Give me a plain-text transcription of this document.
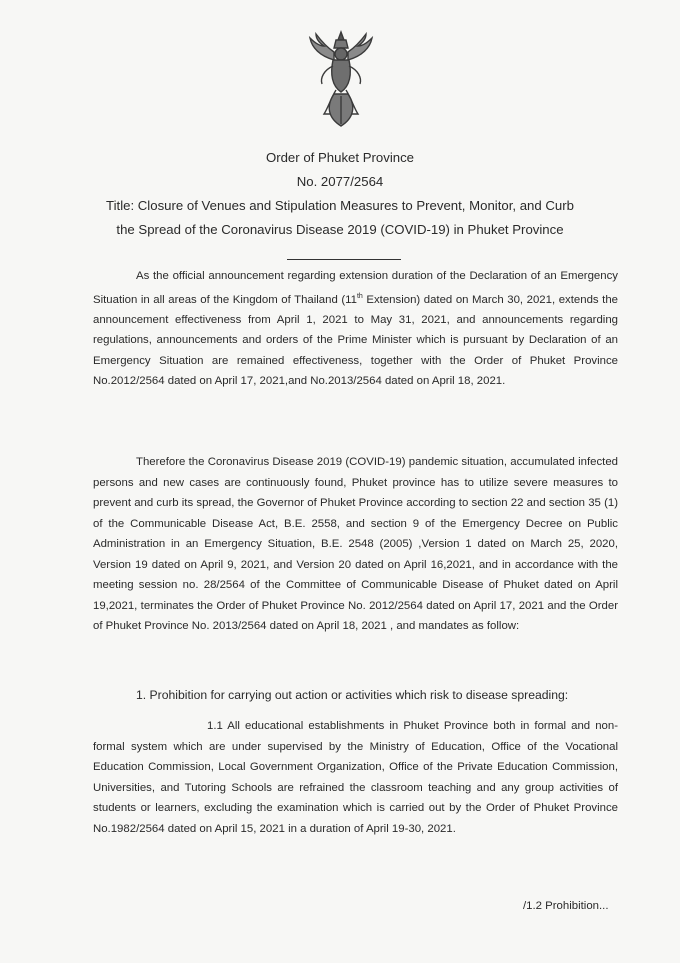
Order of Phuket Province
No. 2077/2564
Title: Closure of Venues and Stipulation Measures to Prevent, Monitor, and Curb
the Spread of the Coronavirus Disease 2019 (COVID-19) in Phuket Province
As the official announcement regarding extension duration of the Declaration of an Emergency Situation in all areas of the Kingdom of Thailand (11th Extension) dated on March 30, 2021, extends the announcement effectiveness from April 1, 2021 to May 31, 2021, and announcements regarding regulations, announcements and orders of the Prime Minister which is pursuant by Declaration of an Emergency Situation are remained effectiveness, together with the Order of Phuket Province No.2012/2564 dated on April 17, 2021,and No.2013/2564 dated on April 18, 2021.
Therefore the Coronavirus Disease 2019 (COVID-19) pandemic situation, accumulated infected persons and new cases are continuously found, Phuket province has to utilize severe measures to prevent and curb its spread, the Governor of Phuket Province according to section 22 and section 35 (1) of the Communicable Disease Act, B.E. 2558, and section 9 of the Emergency Decree on Public Administration in an Emergency Situation, B.E. 2548 (2005) ,Version 1 dated on March 25, 2020, Version 19 dated on April 9, 2021, and Version 20 dated on April 16,2021, and in accordance with the meeting session no. 28/2564 of the Committee of Communicable Disease of Phuket dated on April 19,2021, terminates the Order of Phuket Province No. 2012/2564 dated on April 17, 2021 and the Order of Phuket Province No. 2013/2564 dated on April 18, 2021 , and mandates as follow:
1. Prohibition for carrying out action or activities which risk to disease spreading:
1.1 All educational establishments in Phuket Province both in formal and non-formal system which are under supervised by the Ministry of Education, Office of the Vocational Education Commission, Local Government Organization, Office of the Private Education Commission, Universities, and Tutoring Schools are refrained the classroom teaching and any group activities of students or learners, excluding the examination which is carried out by the Order of Phuket Province No.1982/2564 dated on April 15, 2021 in a duration of April 19-30, 2021.
/1.2 Prohibition...
